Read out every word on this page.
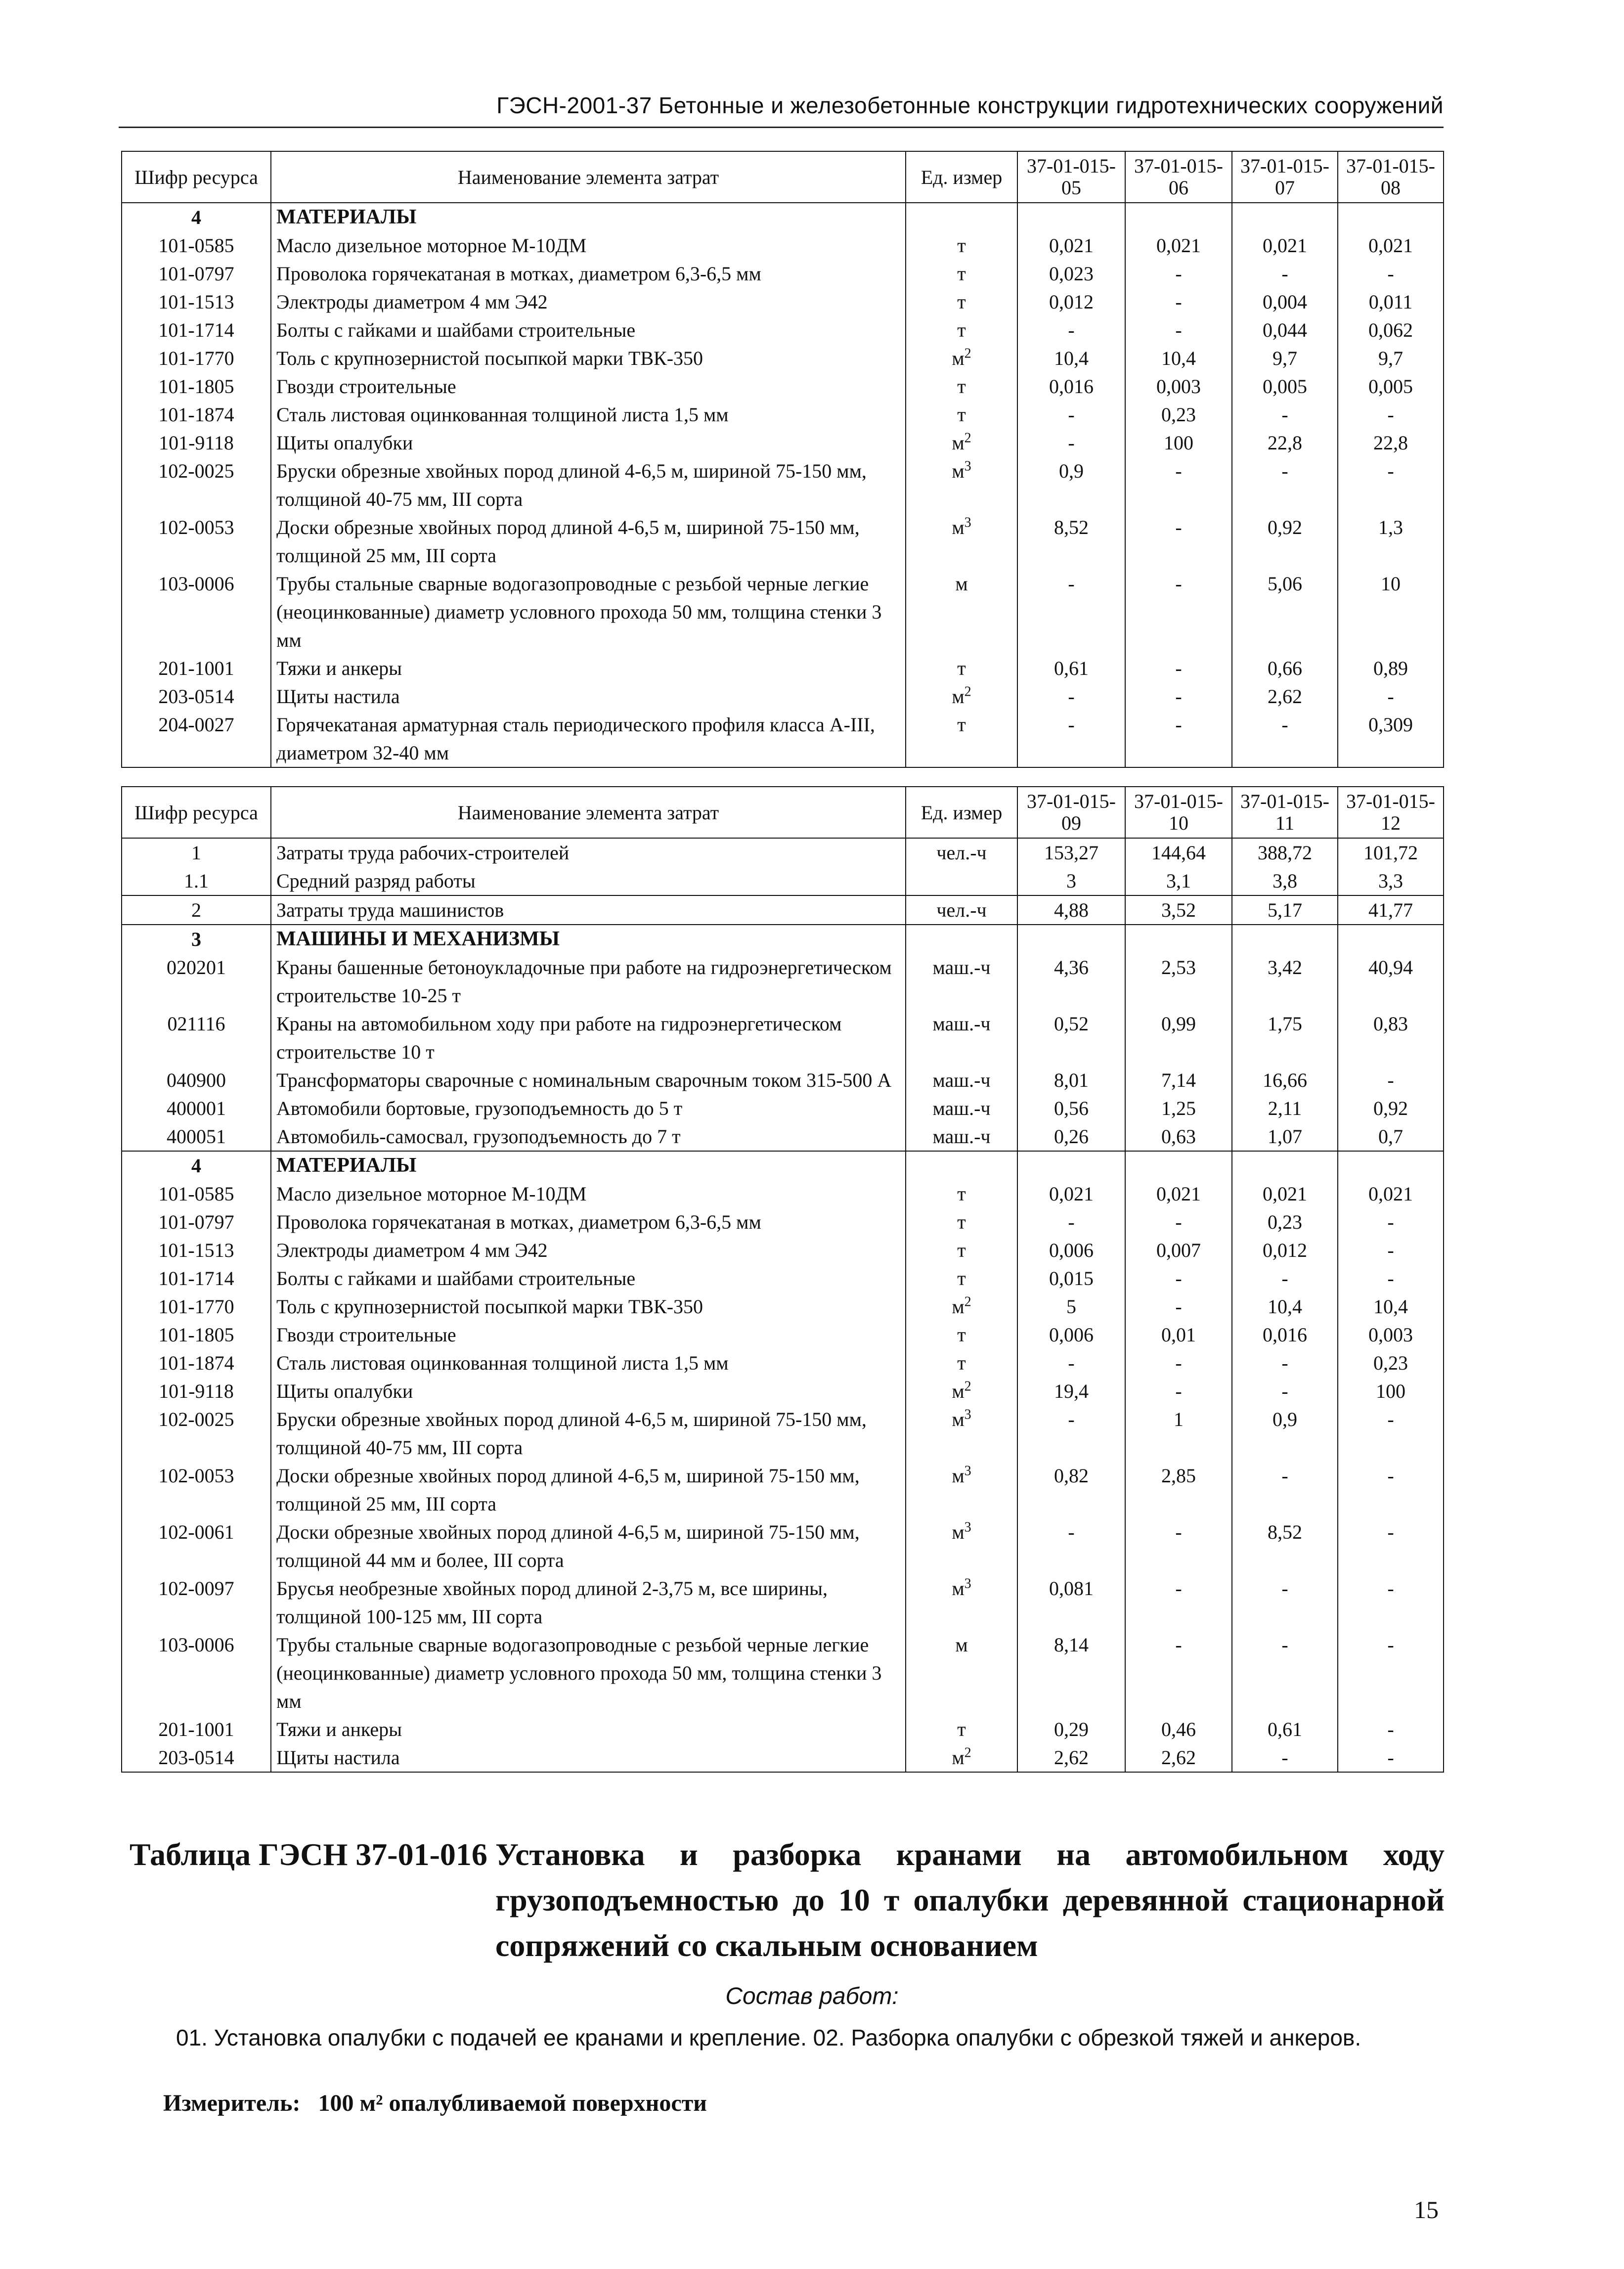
ГЭСН-2001-37 Бетонные и железобетонные конструкции гидротехнических сооружений
Шифр ресурса	Наименование элемента затрат	Ед. измер	37-01-015-05	37-01-015-06	37-01-015-07	37-01-015-08
4	МАТЕРИАЛЫ					
101-0585	Масло дизельное моторное М-10ДМ	т	0,021	0,021	0,021	0,021
101-0797	Проволока горячекатаная в мотках, диаметром 6,3-6,5 мм	т	0,023	-	-	-
101-1513	Электроды диаметром 4 мм Э42	т	0,012	-	0,004	0,011
101-1714	Болты с гайками и шайбами строительные	т	-	-	0,044	0,062
101-1770	Толь с крупнозернистой посыпкой марки ТВК-350	$м^2$	10,4	10,4	9,7	9,7
101-1805	Гвозди строительные	т	0,016	0,003	0,005	0,005
101-1874	Сталь листовая оцинкованная толщиной листа 1,5 мм	т	-	0,23	-	-
101-9118	Щиты опалубки	$м^2$	-	100	22,8	22,8
102-0025	Бруски обрезные хвойных пород длиной 4-6,5 м, шириной 75-150 мм, толщиной 40-75 мм, III сорта	$м^3$	0,9	-	-	-
102-0053	Доски обрезные хвойных пород длиной 4-6,5 м, шириной 75-150 мм, толщиной 25 мм, III сорта	$м^3$	8,52	-	0,92	1,3
103-0006	Трубы стальные сварные водогазопроводные с резьбой черные легкие (неоцинкованные) диаметр условного прохода 50 мм, толщина стенки 3 мм	м	-	-	5,06	10
201-1001	Тяжи и анкеры	т	0,61	-	0,66	0,89
203-0514	Щиты настила	$м^2$	-	-	2,62	-
204-0027	Горячекатаная арматурная сталь периодического профиля класса А-III, диаметром 32-40 мм	т	-	-	-	0,309
Шифр ресурса	Наименование элемента затрат	Ед. измер	37-01-015-09	37-01-015-10	37-01-015-11	37-01-015-12
1	Затраты труда рабочих-строителей	чел.-ч	153,27	144,64	388,72	101,72
1.1	Средний разряд работы		3	3,1	3,8	3,3
2	Затраты труда машинистов	чел.-ч	4,88	3,52	5,17	41,77
3	МАШИНЫ И МЕХАНИЗМЫ					
020201	Краны башенные бетоноукладочные при работе на гидроэнергетическом строительстве 10-25 т	маш.-ч	4,36	2,53	3,42	40,94
021116	Краны на автомобильном ходу при работе на гидроэнергетическом строительстве 10 т	маш.-ч	0,52	0,99	1,75	0,83
040900	Трансформаторы сварочные с номинальным сварочным током 315-500 А	маш.-ч	8,01	7,14	16,66	-
400001	Автомобили бортовые, грузоподъемность до 5 т	маш.-ч	0,56	1,25	2,11	0,92
400051	Автомобиль-самосвал, грузоподъемность до 7 т	маш.-ч	0,26	0,63	1,07	0,7
4	МАТЕРИАЛЫ					
101-0585	Масло дизельное моторное М-10ДМ	т	0,021	0,021	0,021	0,021
101-0797	Проволока горячекатаная в мотках, диаметром 6,3-6,5 мм	т	-	-	0,23	-
101-1513	Электроды диаметром 4 мм Э42	т	0,006	0,007	0,012	-
101-1714	Болты с гайками и шайбами строительные	т	0,015	-	-	-
101-1770	Толь с крупнозернистой посыпкой марки ТВК-350	$м^2$	5	-	10,4	10,4
101-1805	Гвозди строительные	т	0,006	0,01	0,016	0,003
101-1874	Сталь листовая оцинкованная толщиной листа 1,5 мм	т	-	-	-	0,23
101-9118	Щиты опалубки	$м^2$	19,4	-	-	100
102-0025	Бруски обрезные хвойных пород длиной 4-6,5 м, шириной 75-150 мм, толщиной 40-75 мм, III сорта	$м^3$	-	1	0,9	-
102-0053	Доски обрезные хвойных пород длиной 4-6,5 м, шириной 75-150 мм, толщиной 25 мм, III сорта	$м^3$	0,82	2,85	-	-
102-0061	Доски обрезные хвойных пород длиной 4-6,5 м, шириной 75-150 мм, толщиной 44 мм и более, III сорта	$м^3$	-	-	8,52	-
102-0097	Брусья необрезные хвойных пород длиной 2-3,75 м, все ширины, толщиной 100-125 мм, III сорта	$м^3$	0,081	-	-	-
103-0006	Трубы стальные сварные водогазопроводные с резьбой черные легкие (неоцинкованные) диаметр условного прохода 50 мм, толщина стенки 3 мм	м	8,14	-	-	-
201-1001	Тяжи и анкеры	т	0,29	0,46	0,61	-
203-0514	Щиты настила	$м^2$	2,62	2,62	-	-
Таблица ГЭСН 37-01-016 Установка и разборка кранами на автомобильном ходу грузоподъемностью до 10 т опалубки деревянной стационарной сопряжений со скальным основанием
Состав работ:
01. Установка опалубки с подачей ее кранами и крепление. 02. Разборка опалубки с обрезкой тяжей и анкеров.
Измеритель: 100 м² опалубливаемой поверхности
15
